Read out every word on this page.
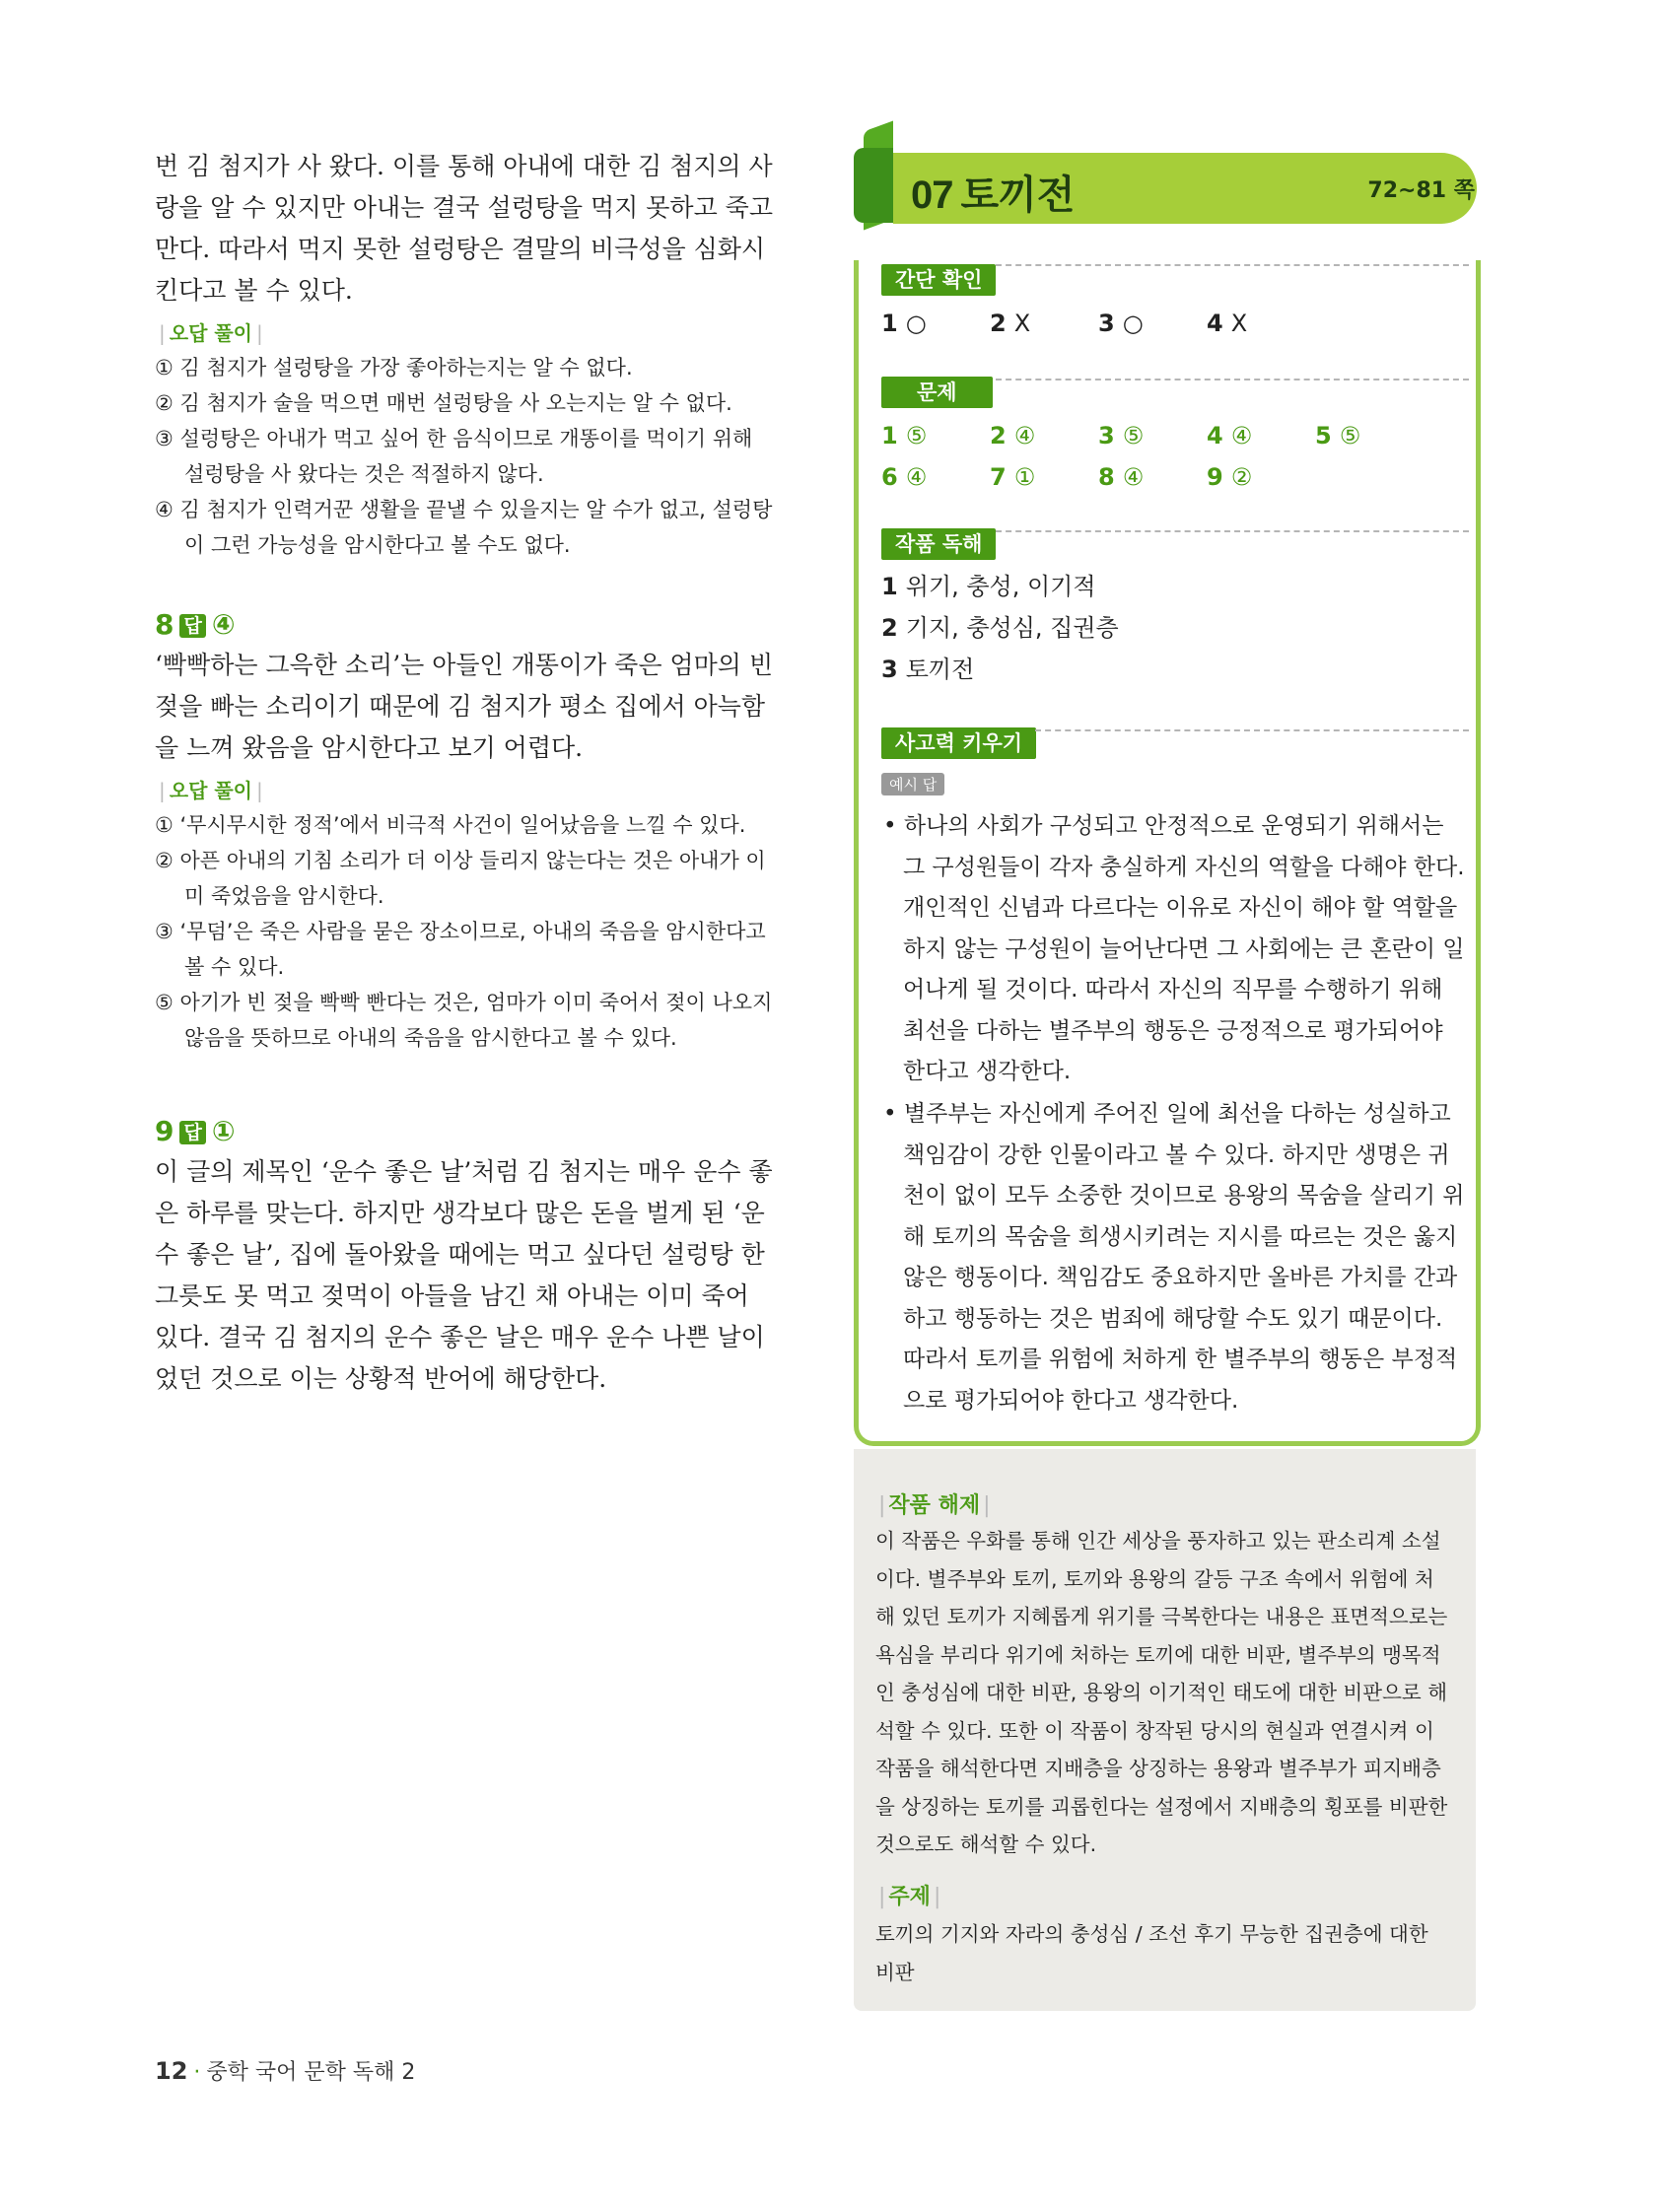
번 김 첨지가 사 왔다. 이를 통해 아내에 대한 김 첨지의 사
랑을 알 수 있지만 아내는 결국 설렁탕을 먹지 못하고 죽고
만다. 따라서 먹지 못한 설렁탕은 결말의 비극성을 심화시
킨다고 볼 수 있다.

| 오답 풀이 |
① 김 첨지가 설렁탕을 가장 좋아하는지는 알 수 없다.
② 김 첨지가 술을 먹으면 매번 설렁탕을 사 오는지는 알 수 없다.
③ 설렁탕은 아내가 먹고 싶어 한 음식이므로 개똥이를 먹이기 위해 설렁탕을 사 왔다는 것은 적절하지 않다.
④ 김 첨지가 인력거꾼 생활을 끝낼 수 있을지는 알 수가 없고, 설렁탕이 그런 가능성을 암시한다고 볼 수도 없다.
8 답 ④

‘빡빡하는 그윽한 소리’는 아들인 개똥이가 죽은 엄마의 빈
젖을 빠는 소리이기 때문에 김 첨지가 평소 집에서 아늑함
을 느껴 왔음을 암시한다고 보기 어렵다.

| 오답 풀이 |
① ‘무시무시한 정적’에서 비극적 사건이 일어났음을 느낄 수 있다.
② 아픈 아내의 기침 소리가 더 이상 들리지 않는다는 것은 아내가 이미 죽었음을 암시한다.
③ ‘무덤’은 죽은 사람을 묻은 장소이므로, 아내의 죽음을 암시한다고 볼 수 있다.
⑤ 아기가 빈 젖을 빡빡 빤다는 것은, 엄마가 이미 죽어서 젖이 나오지 않음을 뜻하므로 아내의 죽음을 암시한다고 볼 수 있다.
9 답 ①

이 글의 제목인 ‘운수 좋은 날’처럼 김 첨지는 매우 운수 좋
은 하루를 맞는다. 하지만 생각보다 많은 돈을 벌게 된 ‘운
수 좋은 날’, 집에 돌아왔을 때에는 먹고 싶다던 설렁탕 한
그릇도 못 먹고 젖먹이 아들을 남긴 채 아내는 이미 죽어
있다. 결국 김 첨지의 운수 좋은 날은 매우 운수 나쁜 날이
었던 것으로 이는 상황적 반어에 해당한다.

07 토끼전	72~81 쪽
간단 확인
1 ○	2 X	3 ○	4 X
문제
1 ⑤	2 ④	3 ⑤	4 ④	5 ⑤
6 ④	7 ①	8 ④	9 ②
작품 독해
1 위기, 충성, 이기적
2 기지, 충성심, 집권층
3 토끼전
사고력 키우기
예시 답

• 하나의 사회가 구성되고 안정적으로 운영되기 위해서는 그 구성원들이 각자 충실하게 자신의 역할을 다해야 한다. 개인적인 신념과 다르다는 이유로 자신이 해야 할 역할을 하지 않는 구성원이 늘어난다면 그 사회에는 큰 혼란이 일어나게 될 것이다. 따라서 자신의 직무를 수행하기 위해 최선을 다하는 별주부의 행동은 긍정적으로 평가되어야 한다고 생각한다.

• 별주부는 자신에게 주어진 일에 최선을 다하는 성실하고 책임감이 강한 인물이라고 볼 수 있다. 하지만 생명은 귀천이 없이 모두 소중한 것이므로 용왕의 목숨을 살리기 위해 토끼의 목숨을 희생시키려는 지시를 따르는 것은 옳지 않은 행동이다. 책임감도 중요하지만 올바른 가치를 간과하고 행동하는 것은 범죄에 해당할 수도 있기 때문이다. 따라서 토끼를 위험에 처하게 한 별주부의 행동은 부정적으로 평가되어야 한다고 생각한다.

| 작품 해제 |

이 작품은 우화를 통해 인간 세상을 풍자하고 있는 판소리계 소설이다. 별주부와 토끼, 토끼와 용왕의 갈등 구조 속에서 위험에 처해 있던 토끼가 지혜롭게 위기를 극복한다는 내용은 표면적으로는 욕심을 부리다 위기에 처하는 토끼에 대한 비판, 별주부의 맹목적인 충성심에 대한 비판, 용왕의 이기적인 태도에 대한 비판으로 해석할 수 있다. 또한 이 작품이 창작된 당시의 현실과 연결시켜 이 작품을 해석한다면 지배층을 상징하는 용왕과 별주부가 피지배층을 상징하는 토끼를 괴롭힌다는 설정에서 지배층의 횡포를 비판한 것으로도 해석할 수 있다.

| 주제 |

토끼의 기지와 자라의 충성심 / 조선 후기 무능한 집권층에 대한 비판

12 · 중학 국어 문학 독해 2
